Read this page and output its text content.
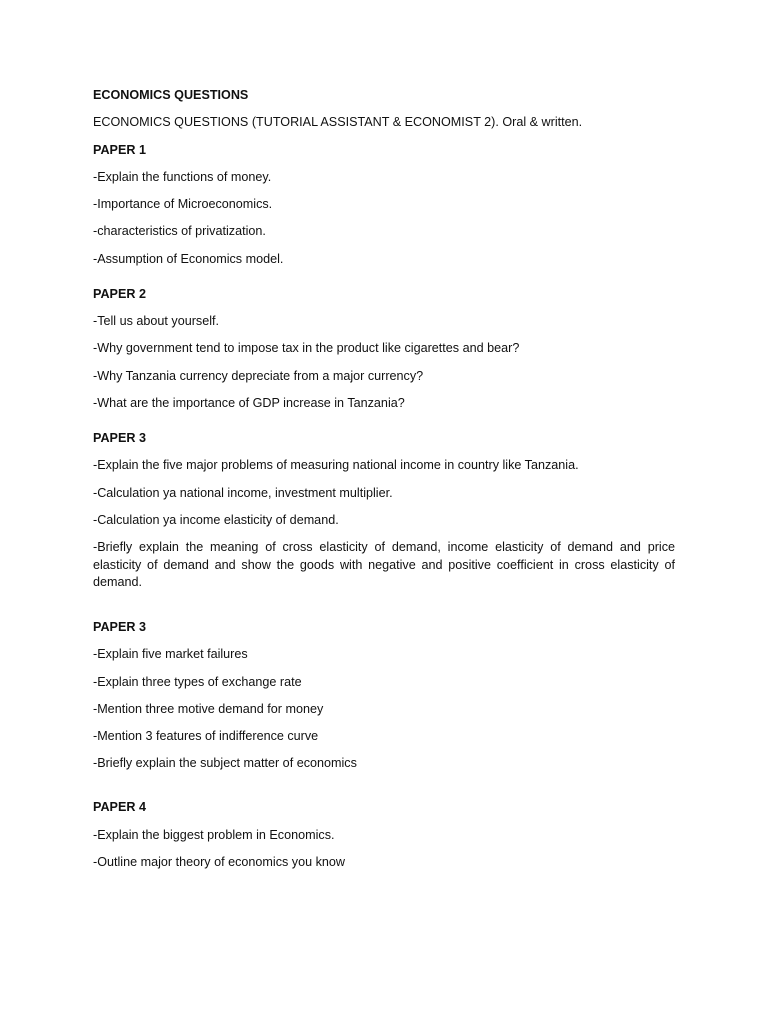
ECONOMICS QUESTIONS
ECONOMICS QUESTIONS (TUTORIAL ASSISTANT & ECONOMIST 2). Oral & written.
PAPER 1
-Explain the functions of money.
-Importance of Microeconomics.
-characteristics of privatization.
-Assumption of Economics model.
PAPER 2
-Tell us about yourself.
-Why government tend to impose tax in the product like cigarettes and bear?
-Why Tanzania currency depreciate from a major currency?
-What are the importance of GDP increase in Tanzania?
PAPER 3
-Explain the five major problems of measuring national income in country like Tanzania.
-Calculation ya national income, investment multiplier.
-Calculation ya income elasticity of demand.
-Briefly explain the meaning of cross elasticity of demand, income elasticity of demand and price elasticity of demand and show the goods with negative and positive coefficient in cross elasticity of demand.
PAPER 3
-Explain five market failures
-Explain three types of exchange rate
-Mention three motive demand for money
-Mention 3 features of indifference curve
-Briefly explain the subject matter of economics
PAPER 4
-Explain the biggest problem in Economics.
-Outline major theory of economics you know
